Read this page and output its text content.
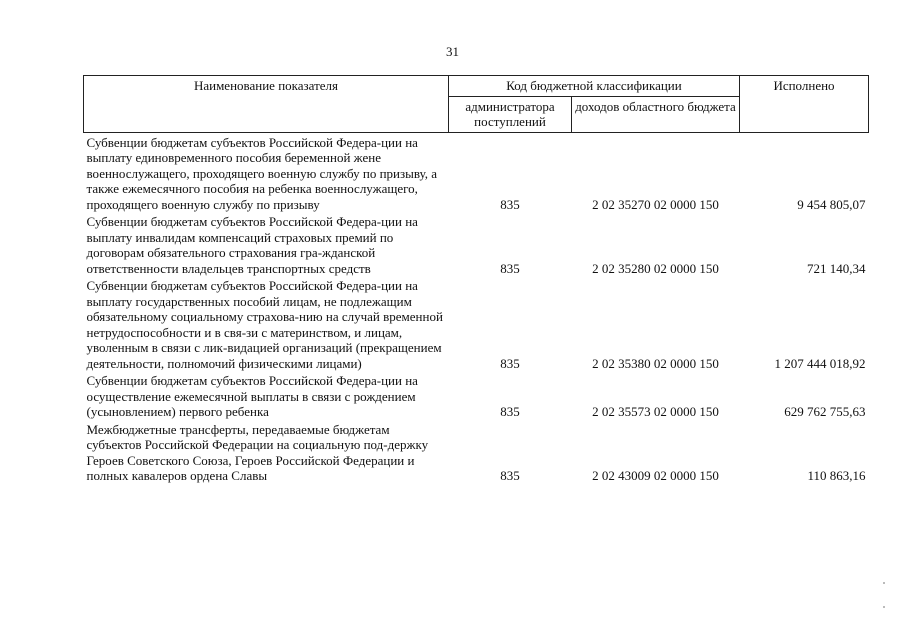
31
Наименование показателя	Код бюджетной классификации		Исполнено
	администратора поступлений	доходов областного бюджета	
Субвенции бюджетам субъектов Российской Федера-ции на выплату единовременного пособия беременной жене военнослужащего, проходящего военную службу по призыву, а также ежемесячного пособия на ребенка военнослужащего, проходящего военную службу по призыву	835	2 02 35270 02 0000 150	9 454 805,07
Субвенции бюджетам субъектов Российской Федера-ции на выплату инвалидам компенсаций страховых премий по договорам обязательного страхования гра-жданской ответственности владельцев транспортных средств	835	2 02 35280 02 0000 150	721 140,34
Субвенции бюджетам субъектов Российской Федера-ции на выплату государственных пособий лицам, не подлежащим обязательному социальному страхова-нию на случай временной нетрудоспособности и в свя-зи с материнством, и лицам, уволенным в связи с лик-видацией организаций (прекращением деятельности, полномочий физическими лицами)	835	2 02 35380 02 0000 150	1 207 444 018,92
Субвенции бюджетам субъектов Российской Федера-ции на осуществление ежемесячной выплаты в связи с рождением (усыновлением) первого ребенка	835	2 02 35573 02 0000 150	629 762 755,63
Межбюджетные трансферты, передаваемые бюджетам субъектов Российской Федерации на социальную под-держку Героев Советского Союза, Героев Российской Федерации и полных кавалеров ордена Славы	835	2 02 43009 02 0000 150	110 863,16
